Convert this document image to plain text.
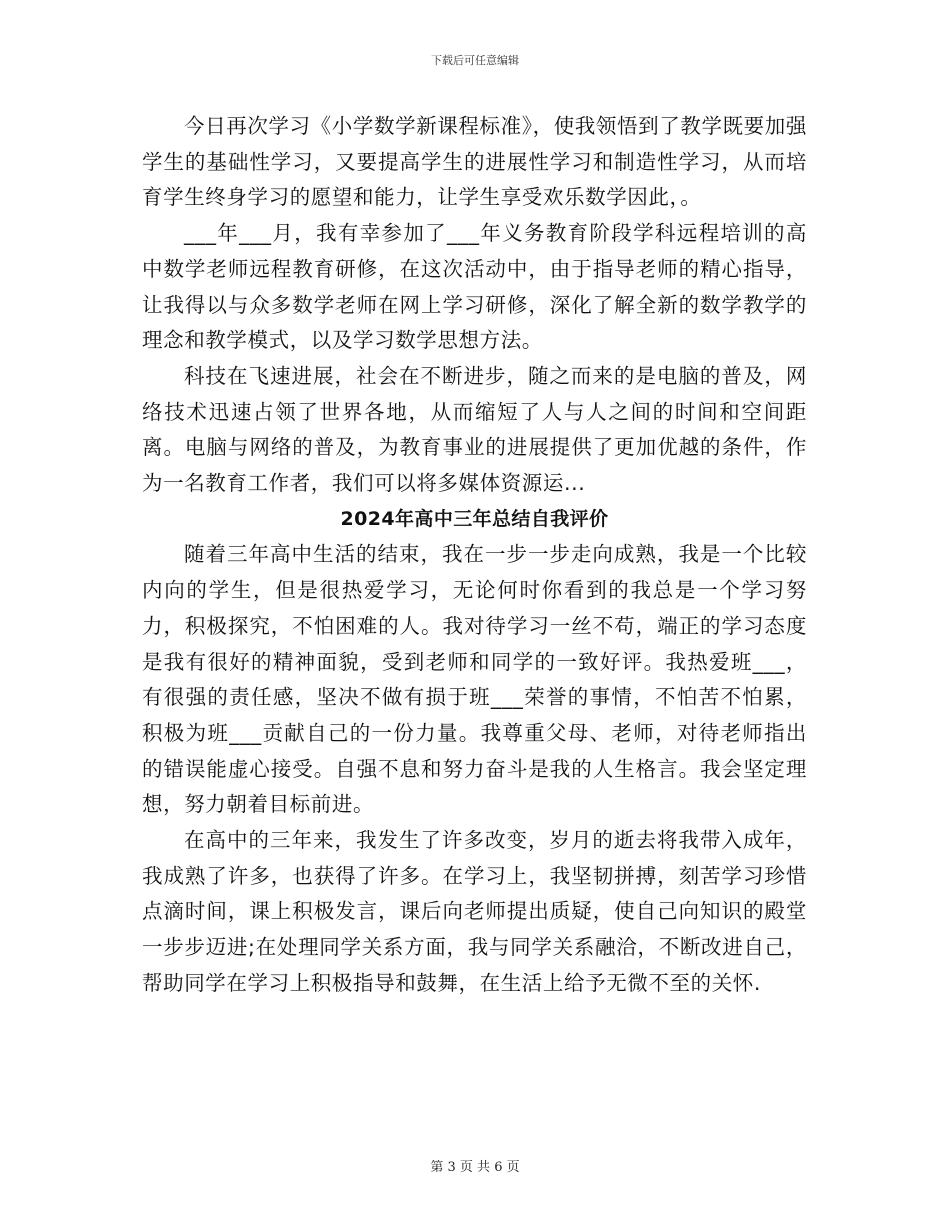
下载后可任意编辑

今日再次学习《小学数学新课程标准》，使我领悟到了教学既要加强学生的基础性学习，又要提高学生的进展性学习和制造性学习，从而培育学生终身学习的愿望和能力，让学生享受欢乐数学因此，。

___年___月，我有幸参加了___年义务教育阶段学科远程培训的高中数学老师远程教育研修，在这次活动中，由于指导老师的精心指导，让我得以与众多数学老师在网上学习研修，深化了解全新的数学教学的理念和教学模式，以及学习数学思想方法。

科技在飞速进展，社会在不断进步，随之而来的是电脑的普及，网络技术迅速占领了世界各地，从而缩短了人与人之间的时间和空间距离。电脑与网络的普及，为教育事业的进展提供了更加优越的条件，作为一名教育工作者，我们可以将多媒体资源运...

2024年高中三年总结自我评价

随着三年高中生活的结束，我在一步一步走向成熟，我是一个比较内向的学生，但是很热爱学习，无论何时你看到的我总是一个学习努力，积极探究，不怕困难的人。我对待学习一丝不苟，端正的学习态度是我有很好的精神面貌，受到老师和同学的一致好评。我热爱班___，有很强的责任感，坚决不做有损于班___荣誉的事情，不怕苦不怕累，积极为班___贡献自己的一份力量。我尊重父母、老师，对待老师指出的错误能虚心接受。自强不息和努力奋斗是我的人生格言。我会坚定理想，努力朝着目标前进。

在高中的三年来，我发生了许多改变，岁月的逝去将我带入成年，我成熟了许多，也获得了许多。在学习上，我坚韧拼搏，刻苦学习珍惜点滴时间，课上积极发言，课后向老师提出质疑，使自己向知识的殿堂一步步迈进;在处理同学关系方面，我与同学关系融洽，不断改进自己，帮助同学在学习上积极指导和鼓舞，在生活上给予无微不至的关怀.

第 3 页 共 6 页
